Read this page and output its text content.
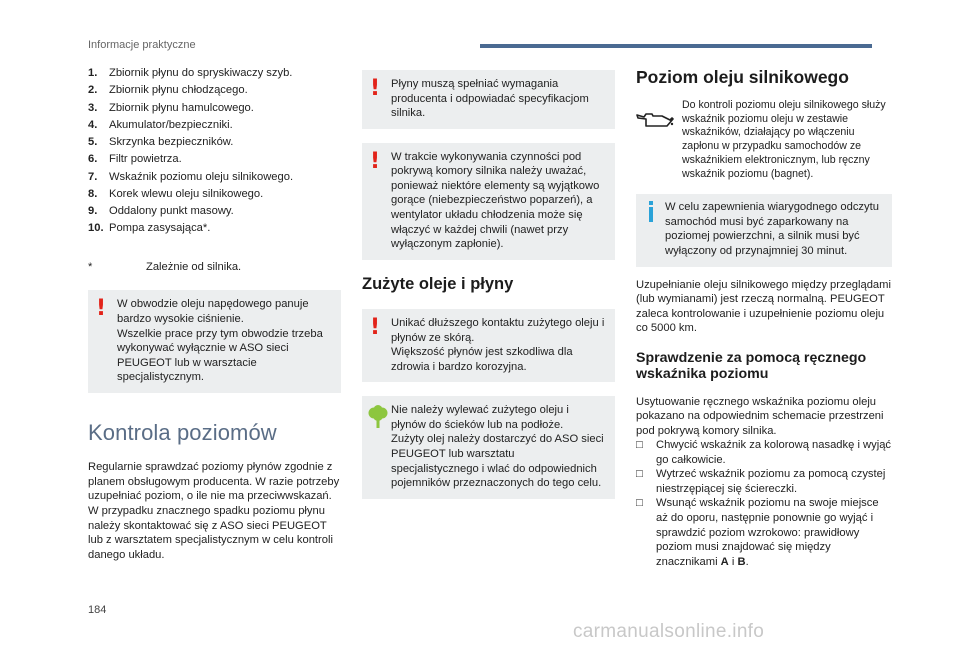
Informacje praktyczne
1.	Zbiornik płynu do spryskiwaczy szyb.
2.	Zbiornik płynu chłodzącego.
3.	Zbiornik płynu hamulcowego.
4.	Akumulator/bezpieczniki.
5.	Skrzynka bezpieczników.
6.	Filtr powietrza.
7.	Wskaźnik poziomu oleju silnikowego.
8.	Korek wlewu oleju silnikowego.
9.	Oddalony punkt masowy.
10. Pompa zasysająca*.
*	Zależnie od silnika.
! W obwodzie oleju napędowego panuje bardzo wysokie ciśnienie.
Wszelkie prace przy tym obwodzie trzeba wykonywać wyłącznie w ASO sieci PEUGEOT lub w warsztacie specjalistycznym.
Kontrola poziomów
Regularnie sprawdzać poziomy płynów zgodnie z planem obsługowym producenta. W razie potrzeby uzupełniać poziom, o ile nie ma przeciwwskazań.
W przypadku znacznego spadku poziomu płynu należy skontaktować się z ASO sieci PEUGEOT lub z warsztatem specjalistycznym w celu kontroli danego układu.
! Płyny muszą spełniać wymagania producenta i odpowiadać specyfikacjom silnika.
! W trakcie wykonywania czynności pod pokrywą komory silnika należy uważać, ponieważ niektóre elementy są wyjątkowo gorące (niebezpieczeństwo poparzeń), a wentylator układu chłodzenia może się włączyć w każdej chwili (nawet przy wyłączonym zapłonie).
Zużyte oleje i płyny
! Unikać dłuższego kontaktu zużytego oleju i płynów ze skórą.
Większość płynów jest szkodliwa dla zdrowia i bardzo korozyjna.
Nie należy wylewać zużytego oleju i płynów do ścieków lub na podłoże.
Zużyty olej należy dostarczyć do ASO sieci PEUGEOT lub warsztatu specjalistycznego i wlać do odpowiednich pojemników przeznaczonych do tego celu.
Poziom oleju silnikowego
Do kontroli poziomu oleju silnikowego służy wskaźnik poziomu oleju w zestawie wskaźników, działający po włączeniu zapłonu w przypadku samochodów ze wskaźnikiem elektronicznym, lub ręczny wskaźnik poziomu (bagnet).
W celu zapewnienia wiarygodnego odczytu samochód musi być zaparkowany na poziomej powierzchni, a silnik musi być wyłączony od przynajmniej 30 minut.
Uzupełnianie oleju silnikowego między przeglądami (lub wymianami) jest rzeczą normalną. PEUGEOT zaleca kontrolowanie i uzupełnienie poziomu oleju co 5000 km.
Sprawdzenie za pomocą ręcznego wskaźnika poziomu
Usytuowanie ręcznego wskaźnika poziomu oleju pokazano na odpowiednim schemacie przestrzeni pod pokrywą komory silnika.
□	Chwycić wskaźnik za kolorową nasadkę i wyjąć go całkowicie.
□	Wytrzeć wskaźnik poziomu za pomocą czystej niestrzępiącej się ściereczki.
□	Wsunąć wskaźnik poziomu na swoje miejsce aż do oporu, następnie ponownie go wyjąć i sprawdzić poziom wzrokowo: prawidłowy poziom musi znajdować się między znacznikami A i B.
184
carmanualsonline.info
